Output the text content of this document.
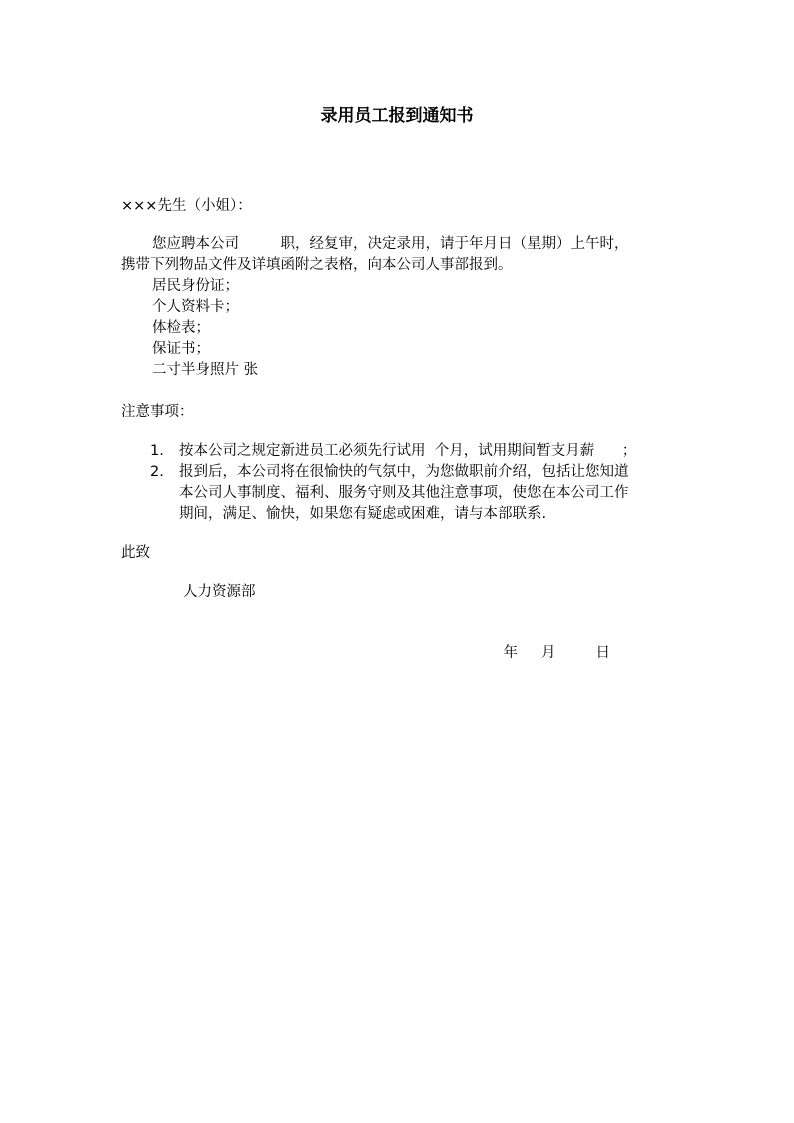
录用员工报到通知书
×××先生（小姐）：
您应聘本公司         职，经复审，决定录用，请于年月日（星期）上午时，
携带下列物品文件及详填函附之表格，向本公司人事部报到。
居民身份证；
个人资料卡；
体检表；
保证书；
二寸半身照片 张
注意事项：
1.	按本公司之规定新进员工必须先行试用  个月，试用期间暂支月薪      ；
2.	报到后，本公司将在很愉快的气氛中，为您做职前介绍，包括让您知道
本公司人事制度、福利、服务守则及其他注意事项，使您在本公司工作
期间，满足、愉快，如果您有疑虑或困难，请与本部联系.
此致
人力资源部

年 月	日
